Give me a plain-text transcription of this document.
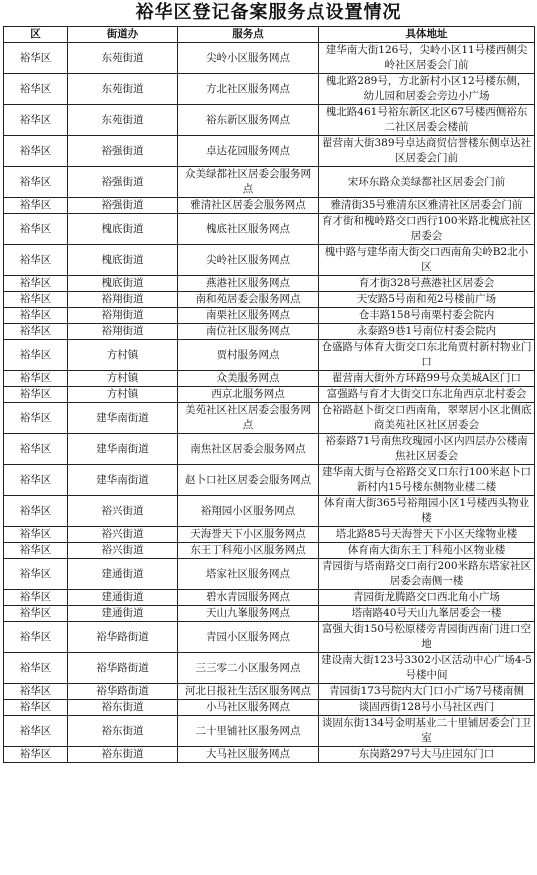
裕华区登记备案服务点设置情况
区	街道办	服务点	具体地址
裕华区	东苑街道	尖岭小区服务网点	建华南大街126号，尖岭小区11号楼西侧尖岭社区居委会门前
裕华区	东苑街道	方北社区服务网点	槐北路289号，方北新村小区12号楼东侧，幼儿园和居委会旁边小广场
裕华区	东苑街道	裕东新区服务网点	槐北路461号裕东新区北区67号楼西侧裕东二社区居委会楼前
裕华区	裕强街道	卓达花园服务网点	翟营南大街389号卓达商贸信誉楼东侧卓达社区居委会门前
裕华区	裕强街道	众美绿都社区居委会服务网点	宋环东路众美绿都社区居委会门前
裕华区	裕强街道	雅清社区居委会服务网点	雅清街35号雅清东区雅清社区居委会门前
裕华区	槐底街道	槐底社区服务网点	育才街和槐岭路交口西行100米路北槐底社区居委会
裕华区	槐底街道	尖岭社区服务网点	槐中路与建华南大街交口西南角尖岭B2北小区
裕华区	槐底街道	燕港社区服务网点	育才街328号燕港社区居委会
裕华区	裕翔街道	南和苑居委会服务网点	天安路5号南和苑2号楼前广场
裕华区	裕翔街道	南栗社区服务网点	仓丰路158号南栗村委会院内
裕华区	裕翔街道	南位社区服务网点	永泰路9巷1号南位村委会院内
裕华区	方村镇	贾村服务网点	仓盛路与体育大街交口东北角贾村新村物业门口
裕华区	方村镇	众美服务网点	翟营南大街外方环路99号众美城A区门口
裕华区	方村镇	西京北服务网点	富强路与育才大街交口东北角西京北村委会
裕华区	建华南街道	美苑社区社区居委会服务网点	仓裕路赵卜街交口西南角，翠翠居小区北侧底商美苑社区社区居委会
裕华区	建华南街道	南焦社区居委会服务网点	裕泰路71号南焦玫瑰园小区内四层办公楼南焦社区居委会
裕华区	建华南街道	赵卜口社区居委会服务网点	建华南大街与仓裕路交叉口东行100米赵卜口新村内15号楼东侧物业楼二楼
裕华区	裕兴街道	裕翔园小区服务网点	体育南大街365号裕翔园小区1号楼西头物业楼
裕华区	裕兴街道	天海誉天下小区服务网点	塔北路85号天海誉天下小区天缘物业楼
裕华区	裕兴街道	东王丁科苑小区服务网点	体育南大街东王丁科苑小区物业楼
裕华区	建通街道	塔家社区服务网点	青园街与塔南路交口南行200米路东塔家社区居委会南侧一楼
裕华区	建通街道	碧水青园服务网点	青园街龙腾路交口西北角小广场
裕华区	建通街道	天山九峯服务网点	塔南路40号天山九峯居委会一楼
裕华区	裕华路街道	青园小区服务网点	富强大街150号松原楼旁青园街西南门进口空地
裕华区	裕华路街道	三三零二小区服务网点	建设南大街123号3302小区活动中心广场4-5号楼中间
裕华区	裕华路街道	河北日报社生活区服务网点	青园街173号院内大门口小广场7号楼南侧
裕华区	裕东街道	小马社区服务网点	谈固西街128号小马社区西门
裕华区	裕东街道	二十里铺社区服务网点	谈固东街134号金明基业二十里铺居委会门卫室
裕华区	裕东街道	大马社区服务网点	东岗路297号大马庄园东门口
